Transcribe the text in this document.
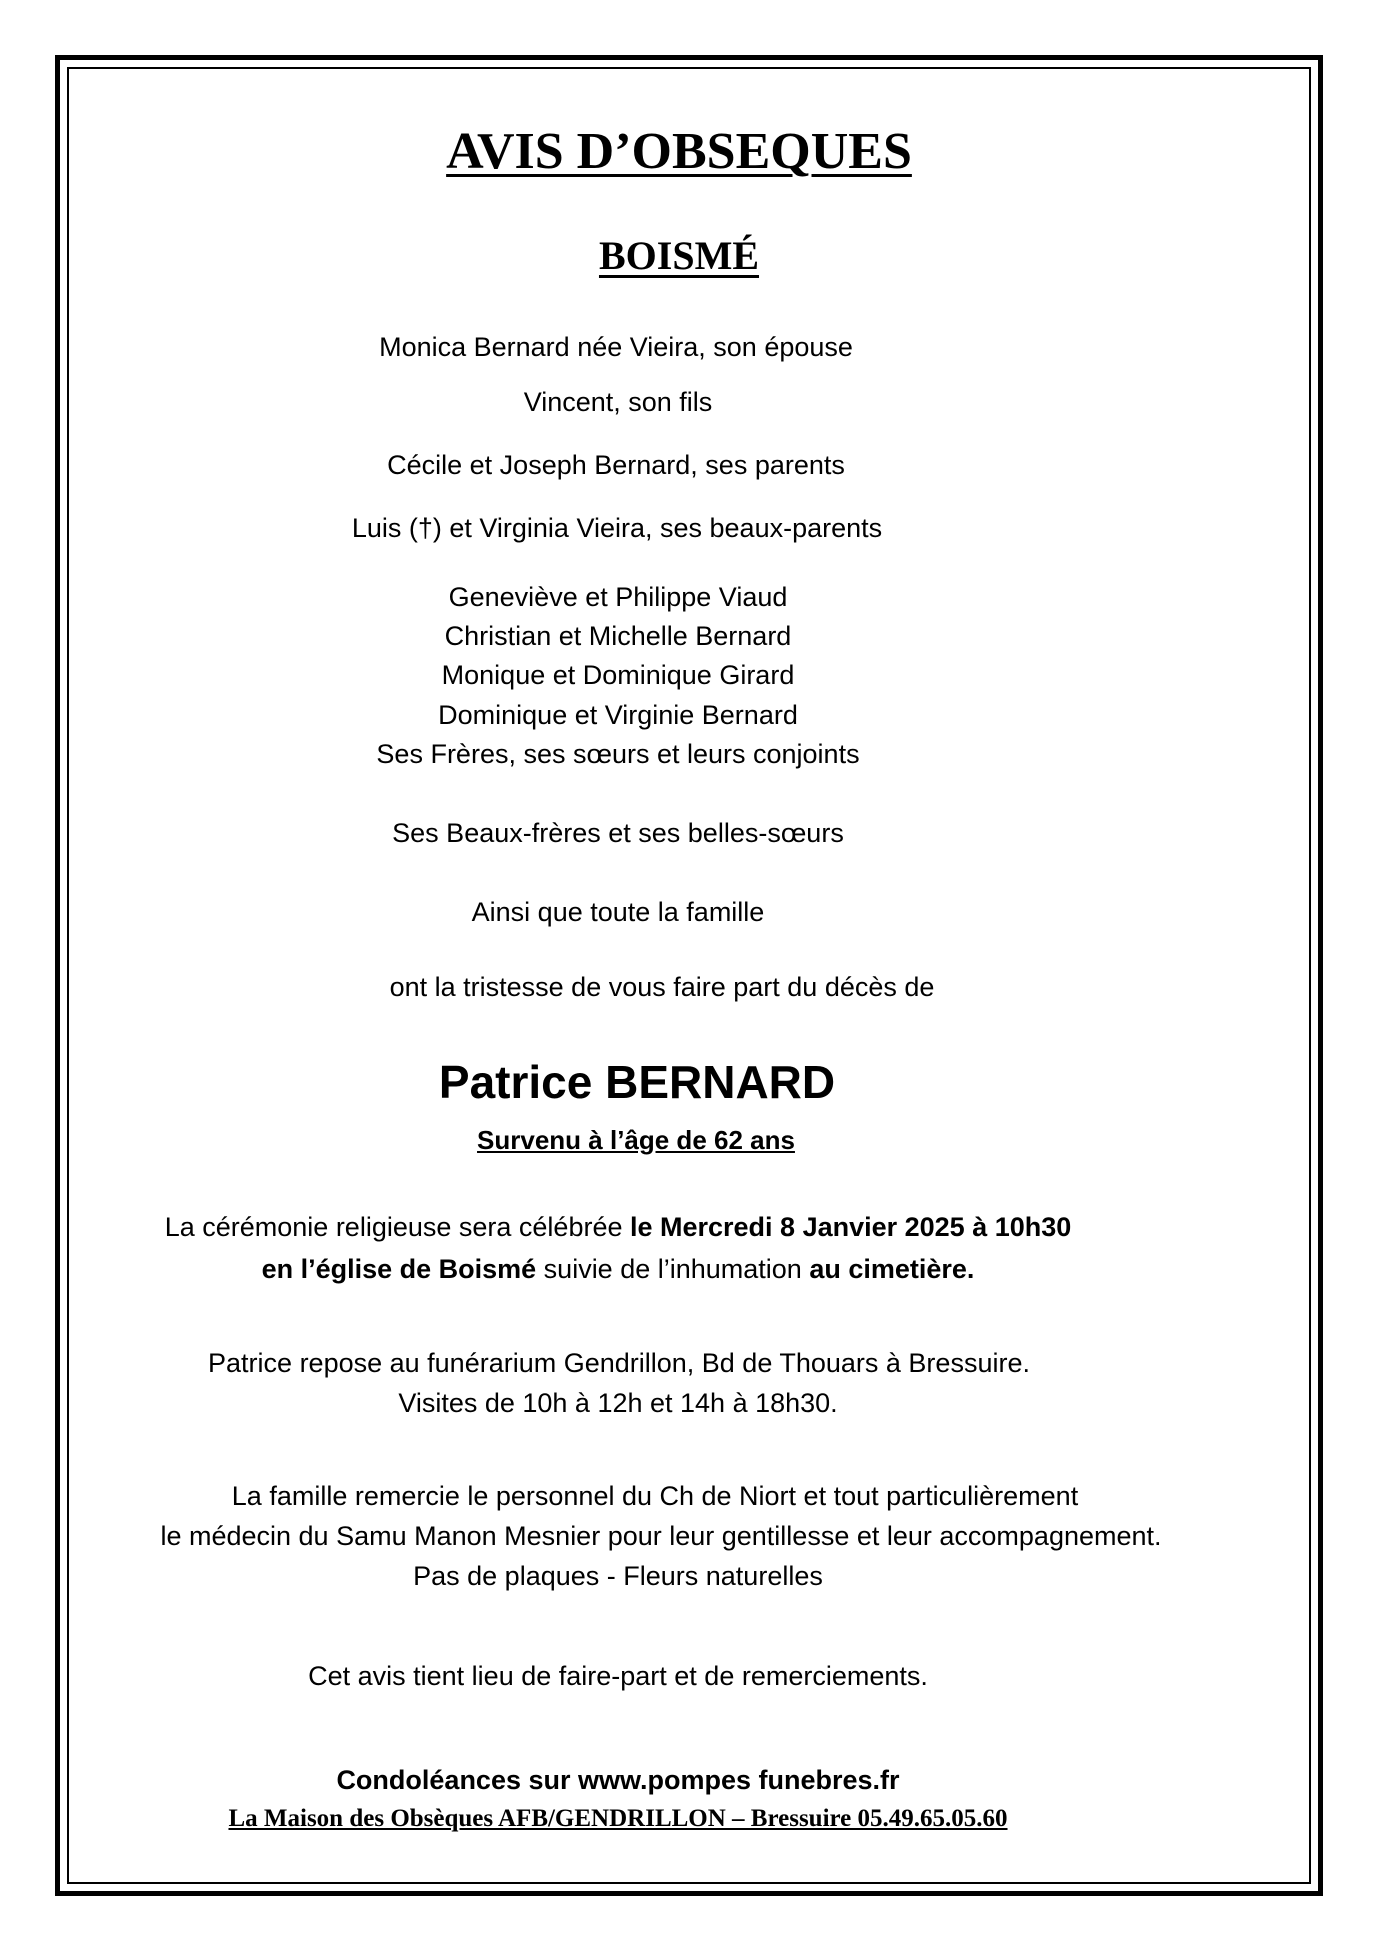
AVIS D’OBSEQUES
BOISMÉ
Monica Bernard née Vieira, son épouse
Vincent, son fils
Cécile et Joseph Bernard, ses parents
Luis (†) et Virginia Vieira, ses beaux-parents
Geneviève et Philippe Viaud
Christian et Michelle Bernard
Monique et Dominique Girard
Dominique et Virginie Bernard
Ses Frères, ses sœurs et leurs conjoints
Ses Beaux-frères et ses belles-sœurs
Ainsi que toute la famille
ont la tristesse de vous faire part du décès de
Patrice BERNARD
Survenu à l’âge de 62 ans
La cérémonie religieuse sera célébrée le Mercredi 8 Janvier 2025 à 10h30
en l’église de Boismé suivie de l’inhumation au cimetière.
Patrice repose au funérarium Gendrillon, Bd de Thouars à Bressuire.
Visites de 10h à 12h et 14h à 18h30.
La famille remercie le personnel du Ch de Niort et tout particulièrement
le médecin du Samu Manon Mesnier pour leur gentillesse et leur accompagnement.
Pas de plaques - Fleurs naturelles
Cet avis tient lieu de faire-part et de remerciements.
Condoléances sur www.pompes funebres.fr
La Maison des Obsèques AFB/GENDRILLON – Bressuire 05.49.65.05.60
